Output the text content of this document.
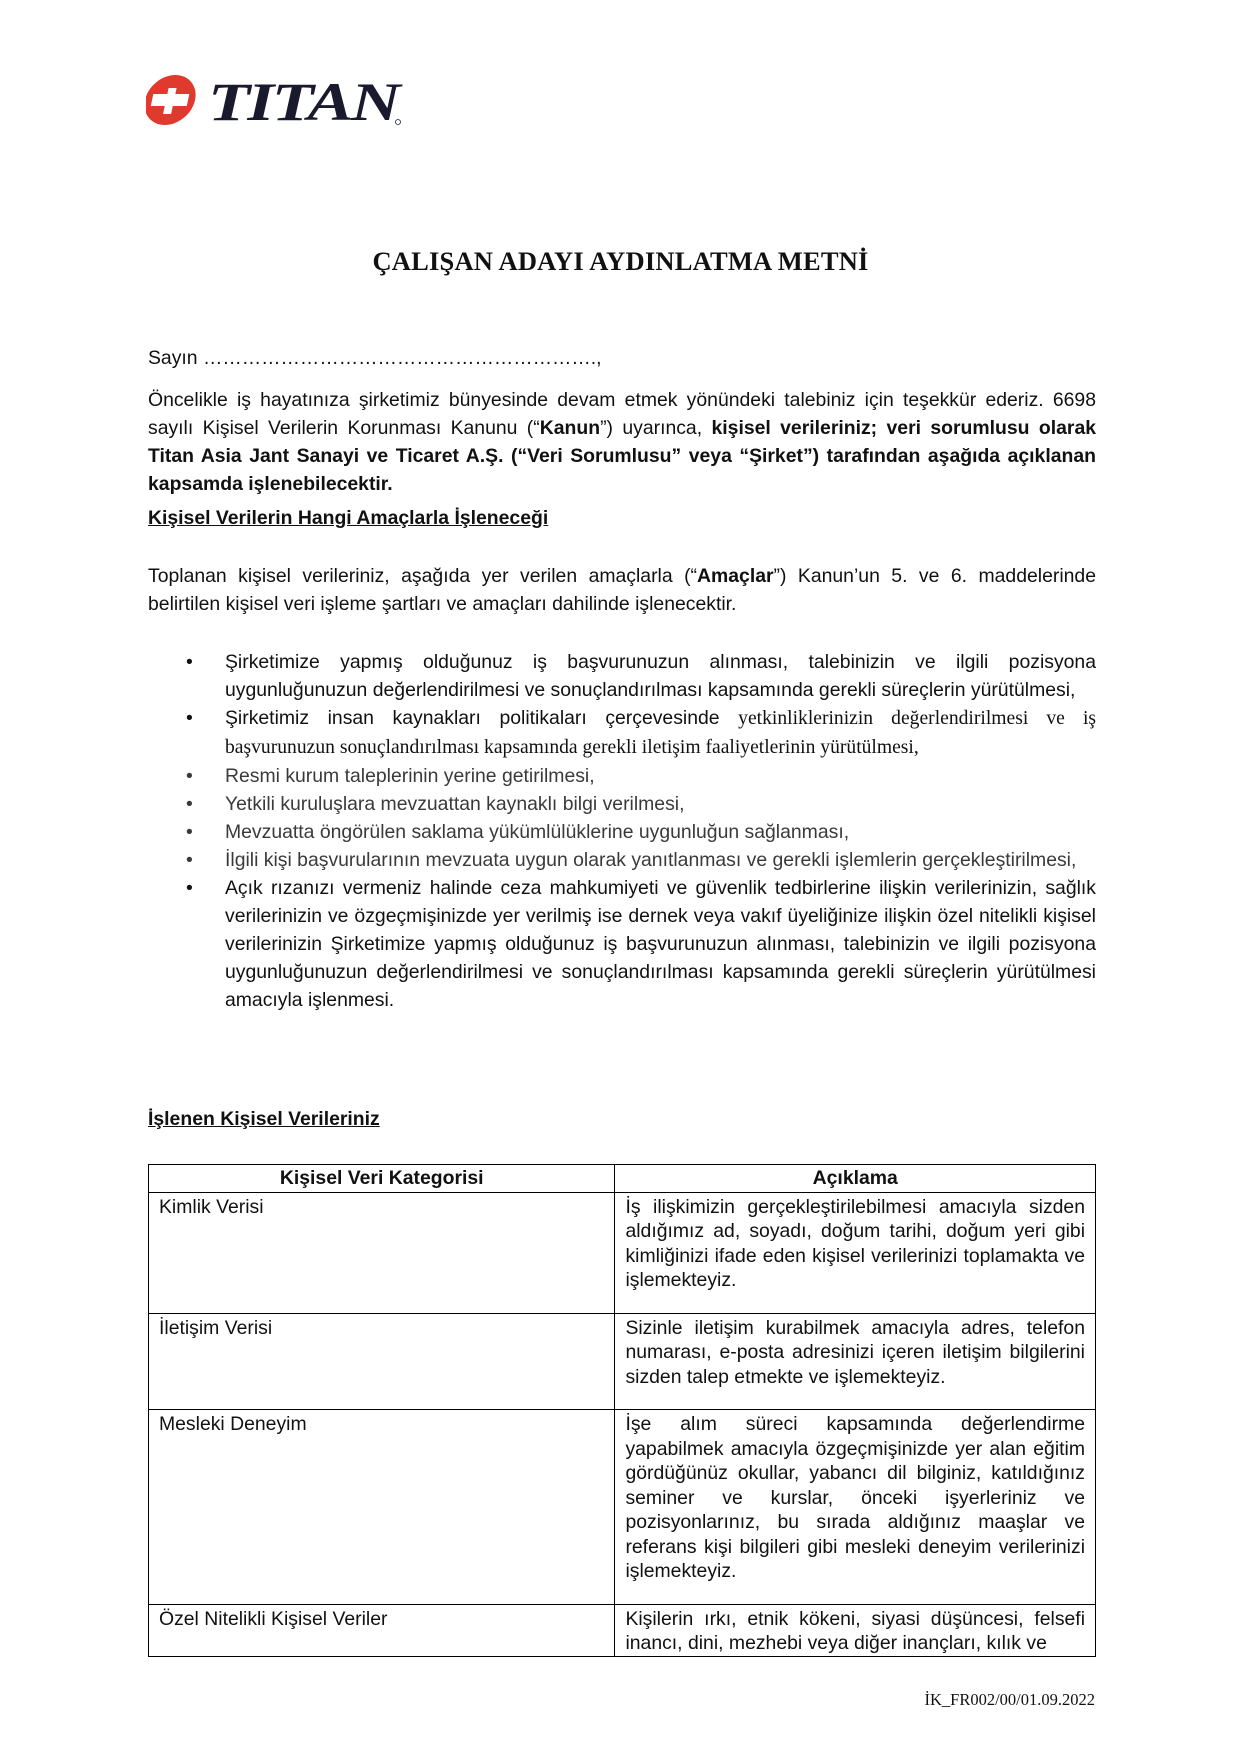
TITAN
ÇALIŞAN ADAYI AYDINLATMA METNİ
Sayın …………………………………………………….,
Öncelikle iş hayatınıza şirketimiz bünyesinde devam etmek yönündeki talebiniz için teşekkür ederiz. 6698 sayılı Kişisel Verilerin Korunması Kanunu (“Kanun”) uyarınca, kişisel verileriniz; veri sorumlusu olarak Titan Asia Jant Sanayi ve Ticaret A.Ş. (“Veri Sorumlusu” veya “Şirket”) tarafından aşağıda açıklanan kapsamda işlenebilecektir.
Kişisel Verilerin Hangi Amaçlarla İşleneceği
Toplanan kişisel verileriniz, aşağıda yer verilen amaçlarla (“Amaçlar”) Kanun’un 5. ve 6. maddelerinde belirtilen kişisel veri işleme şartları ve amaçları dahilinde işlenecektir.
• Şirketimize yapmış olduğunuz iş başvurunuzun alınması, talebinizin ve ilgili pozisyona uygunluğunuzun değerlendirilmesi ve sonuçlandırılması kapsamında gerekli süreçlerin yürütülmesi,
• Şirketimiz insan kaynakları politikaları çerçevesinde yetkinliklerinizin değerlendirilmesi ve iş başvurunuzun sonuçlandırılması kapsamında gerekli iletişim faaliyetlerinin yürütülmesi,
• Resmi kurum taleplerinin yerine getirilmesi,
• Yetkili kuruluşlara mevzuattan kaynaklı bilgi verilmesi,
• Mevzuatta öngörülen saklama yükümlülüklerine uygunluğun sağlanması,
• İlgili kişi başvurularının mevzuata uygun olarak yanıtlanması ve gerekli işlemlerin gerçekleştirilmesi,
• Açık rızanızı vermeniz halinde ceza mahkumiyeti ve güvenlik tedbirlerine ilişkin verilerinizin, sağlık verilerinizin ve özgeçmişinizde yer verilmiş ise dernek veya vakıf üyeliğinize ilişkin özel nitelikli kişisel verilerinizin Şirketimize yapmış olduğunuz iş başvurunuzun alınması, talebinizin ve ilgili pozisyona uygunluğunuzun değerlendirilmesi ve sonuçlandırılması kapsamında gerekli süreçlerin yürütülmesi amacıyla işlenmesi.
İşlenen Kişisel Verileriniz
Kişisel Veri Kategorisi	Açıklama
Kimlik Verisi	İş ilişkimizin gerçekleştirilebilmesi amacıyla sizden aldığımız ad, soyadı, doğum tarihi, doğum yeri gibi kimliğinizi ifade eden kişisel verilerinizi toplamakta ve işlemekteyiz.
İletişim Verisi	Sizinle iletişim kurabilmek amacıyla adres, telefon numarası, e-posta adresinizi içeren iletişim bilgilerini sizden talep etmekte ve işlemekteyiz.
Mesleki Deneyim	İşe alım süreci kapsamında değerlendirme yapabilmek amacıyla özgeçmişinizde yer alan eğitim gördüğünüz okullar, yabancı dil bilginiz, katıldığınız seminer ve kurslar, önceki işyerleriniz ve pozisyonlarınız, bu sırada aldığınız maaşlar ve referans kişi bilgileri gibi mesleki deneyim verilerinizi işlemekteyiz.
Özel Nitelikli Kişisel Veriler	Kişilerin ırkı, etnik kökeni, siyasi düşüncesi, felsefi inancı, dini, mezhebi veya diğer inançları, kılık ve
İK_FR002/00/01.09.2022
